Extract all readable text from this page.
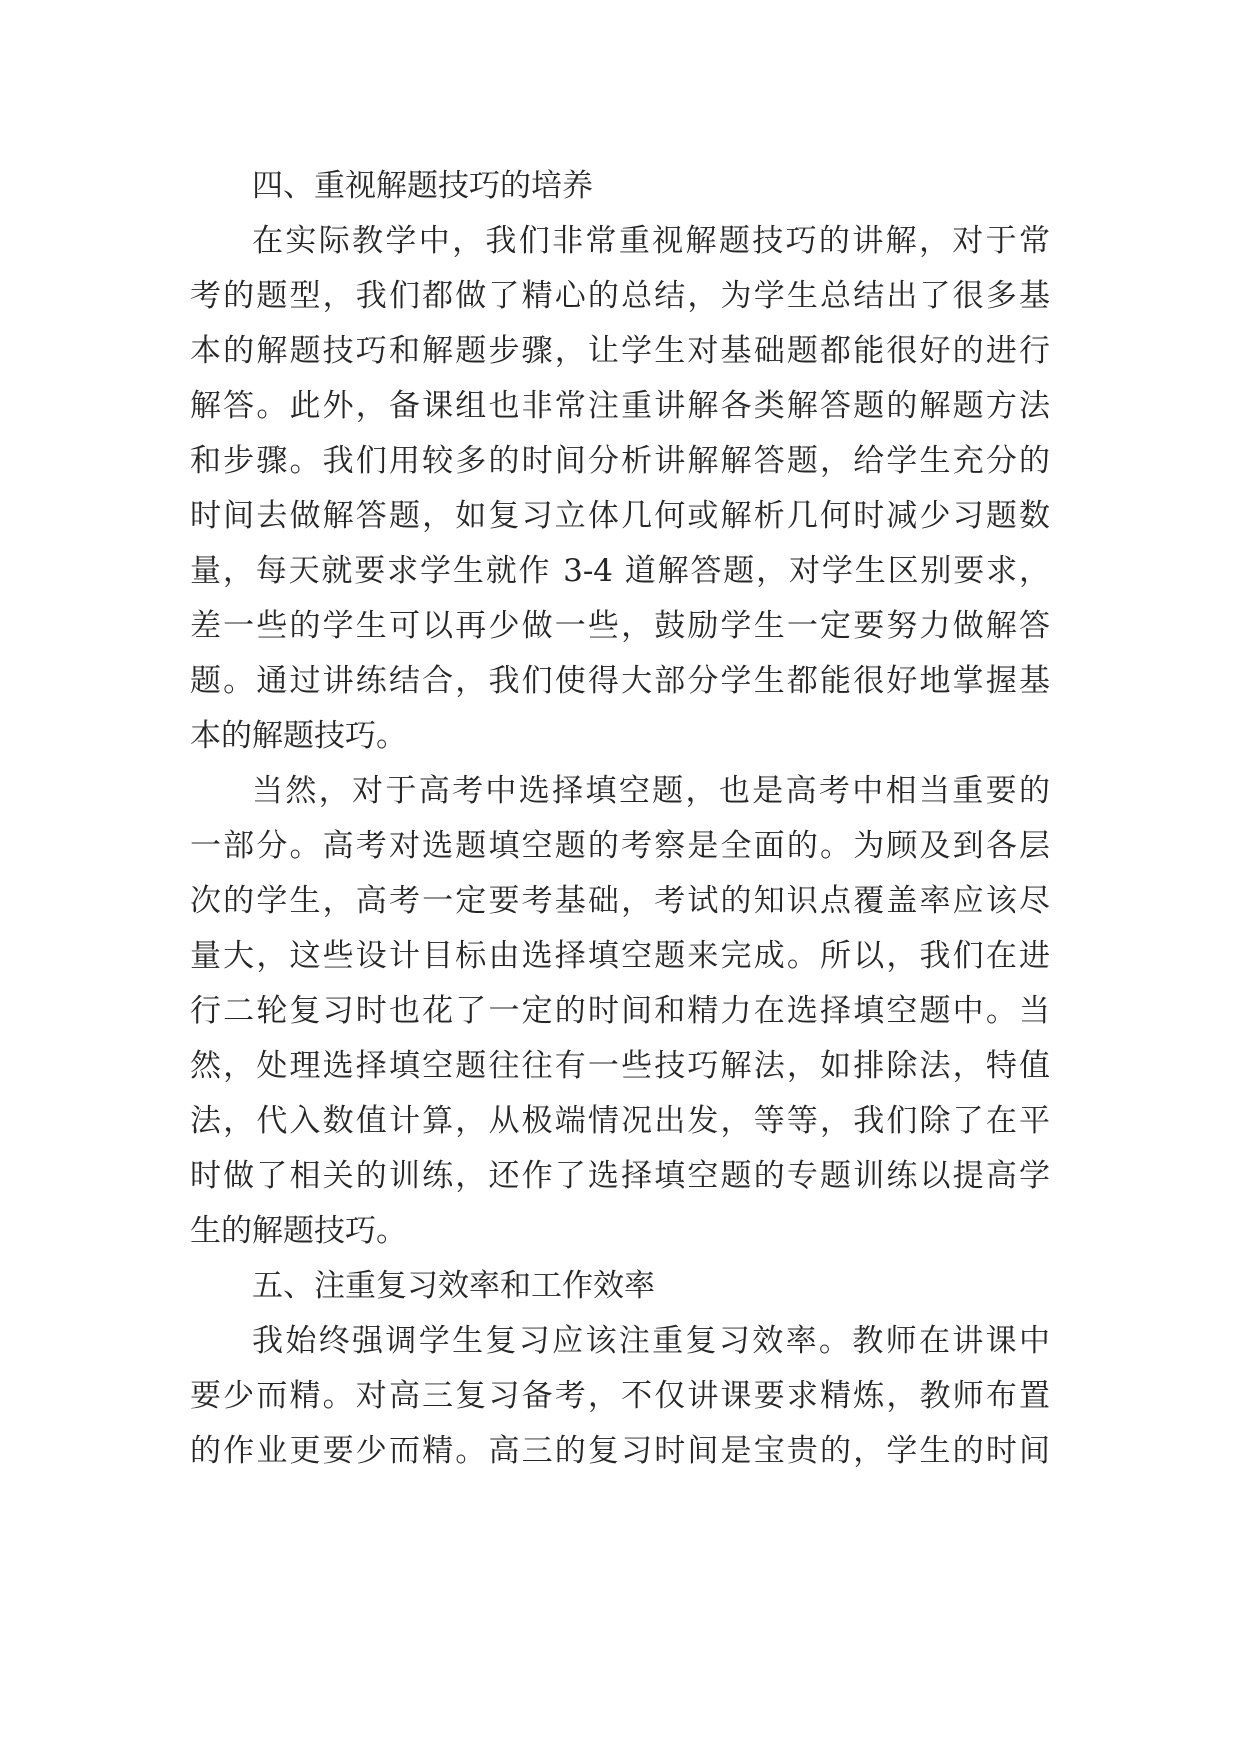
四、重视解题技巧的培养
在实际教学中，我们非常重视解题技巧的讲解，对于常
考的题型，我们都做了精心的总结，为学生总结出了很多基
本的解题技巧和解题步骤，让学生对基础题都能很好的进行
解答。此外，备课组也非常注重讲解各类解答题的解题方法
和步骤。我们用较多的时间分析讲解解答题，给学生充分的
时间去做解答题，如复习立体几何或解析几何时减少习题数
量，每天就要求学生就作 3-4 道解答题，对学生区别要求，
差一些的学生可以再少做一些，鼓励学生一定要努力做解答
题。通过讲练结合，我们使得大部分学生都能很好地掌握基
本的解题技巧。
当然，对于高考中选择填空题，也是高考中相当重要的
一部分。高考对选题填空题的考察是全面的。为顾及到各层
次的学生，高考一定要考基础，考试的知识点覆盖率应该尽
量大，这些设计目标由选择填空题来完成。所以，我们在进
行二轮复习时也花了一定的时间和精力在选择填空题中。当
然，处理选择填空题往往有一些技巧解法，如排除法，特值
法，代入数值计算，从极端情况出发，等等，我们除了在平
时做了相关的训练，还作了选择填空题的专题训练以提高学
生的解题技巧。
五、注重复习效率和工作效率
我始终强调学生复习应该注重复习效率。教师在讲课中
要少而精。对高三复习备考，不仅讲课要求精炼，教师布置
的作业更要少而精。高三的复习时间是宝贵的，学生的时间
